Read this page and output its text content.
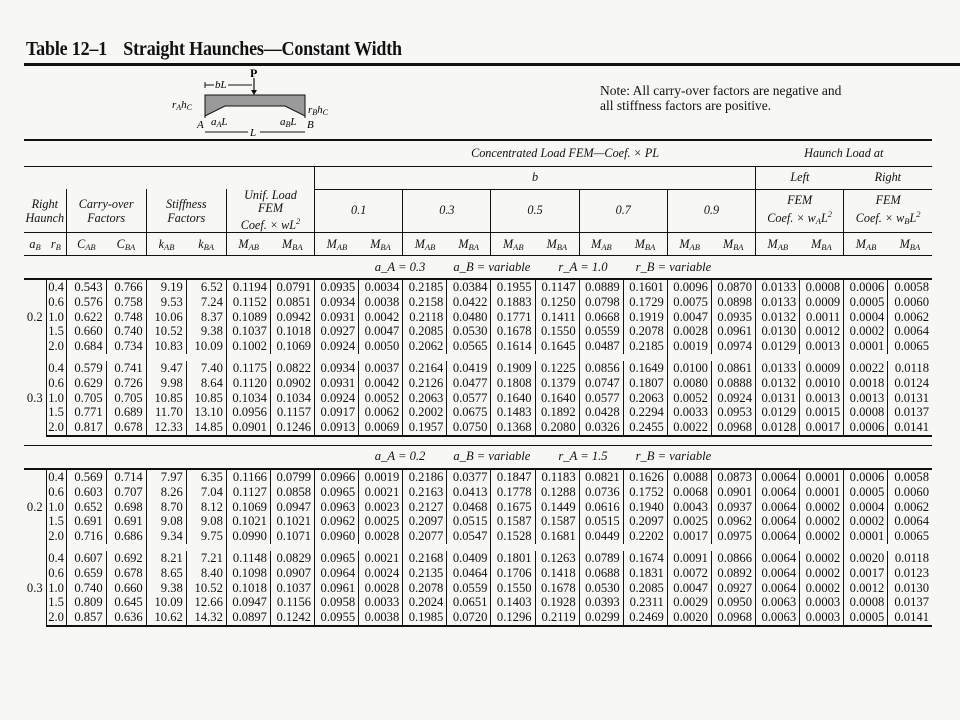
Table 12–1 Straight Haunches—Constant Width
P
bL
rAhC	rBhC
A	B
aAL	aBL
L
Note: All carry-over factors are negative and
all stiffness factors are positive.
								Concentrated Load FEM—Coef. × PL										Haunch Load at			
								b										Left		Right	
Right
Haunch		Carry-over
Factors		Stiffness
Factors		Unif. Load
FEM
Coef. × $wL^2$		0.1		0.3		0.5		0.7		0.9		FEM
Coef. × $w_AL^2$		FEM
Coef. × $w_BL^2$
$a_B$	$r_B$	$C_{AB}$	$C_{BA}$	$k_{AB}$	$k_{BA}$	$M_{AB}$	$M_{BA}$	$M_{AB}$	$M_{BA}$	$M_{AB}$	$M_{BA}$	$M_{AB}$	$M_{BA}$	$M_{AB}$	$M_{BA}$	$M_{AB}$	$M_{BA}$	$M_{AB}$	$M_{BA}$	$M_{AB}$	$M_{BA}$
a_A = 0.3 a_B = variable r_A = 1.0 r_B = variable																					
0.2	0.4	0.543	0.766	9.19	6.52	0.1194	0.0791	0.0935	0.0034	0.2185	0.0384	0.1955	0.1147	0.0889	0.1601	0.0096	0.0870	0.0133	0.0008	0.0006	0.0058
	0.6	0.576	0.758	9.53	7.24	0.1152	0.0851	0.0934	0.0038	0.2158	0.0422	0.1883	0.1250	0.0798	0.1729	0.0075	0.0898	0.0133	0.0009	0.0005	0.0060
	1.0	0.622	0.748	10.06	8.37	0.1089	0.0942	0.0931	0.0042	0.2118	0.0480	0.1771	0.1411	0.0668	0.1919	0.0047	0.0935	0.0132	0.0011	0.0004	0.0062
	1.5	0.660	0.740	10.52	9.38	0.1037	0.1018	0.0927	0.0047	0.2085	0.0530	0.1678	0.1550	0.0559	0.2078	0.0028	0.0961	0.0130	0.0012	0.0002	0.0064
	2.0	0.684	0.734	10.83	10.09	0.1002	0.1069	0.0924	0.0050	0.2062	0.0565	0.1614	0.1645	0.0487	0.2185	0.0019	0.0974	0.0129	0.0013	0.0001	0.0065

0.3	0.4	0.579	0.741	9.47	7.40	0.1175	0.0822	0.0934	0.0037	0.2164	0.0419	0.1909	0.1225	0.0856	0.1649	0.0100	0.0861	0.0133	0.0009	0.0022	0.0118
	0.6	0.629	0.726	9.98	8.64	0.1120	0.0902	0.0931	0.0042	0.2126	0.0477	0.1808	0.1379	0.0747	0.1807	0.0080	0.0888	0.0132	0.0010	0.0018	0.0124
	1.0	0.705	0.705	10.85	10.85	0.1034	0.1034	0.0924	0.0052	0.2063	0.0577	0.1640	0.1640	0.0577	0.2063	0.0052	0.0924	0.0131	0.0013	0.0013	0.0131
	1.5	0.771	0.689	11.70	13.10	0.0956	0.1157	0.0917	0.0062	0.2002	0.0675	0.1483	0.1892	0.0428	0.2294	0.0033	0.0953	0.0129	0.0015	0.0008	0.0137
	2.0	0.817	0.678	12.33	14.85	0.0901	0.1246	0.0913	0.0069	0.1957	0.0750	0.1368	0.2080	0.0326	0.2455	0.0022	0.0968	0.0128	0.0017	0.0006	0.0141

a_A = 0.2 a_B = variable r_A = 1.5 r_B = variable																					
0.2	0.4	0.569	0.714	7.97	6.35	0.1166	0.0799	0.0966	0.0019	0.2186	0.0377	0.1847	0.1183	0.0821	0.1626	0.0088	0.0873	0.0064	0.0001	0.0006	0.0058
	0.6	0.603	0.707	8.26	7.04	0.1127	0.0858	0.0965	0.0021	0.2163	0.0413	0.1778	0.1288	0.0736	0.1752	0.0068	0.0901	0.0064	0.0001	0.0005	0.0060
	1.0	0.652	0.698	8.70	8.12	0.1069	0.0947	0.0963	0.0023	0.2127	0.0468	0.1675	0.1449	0.0616	0.1940	0.0043	0.0937	0.0064	0.0002	0.0004	0.0062
	1.5	0.691	0.691	9.08	9.08	0.1021	0.1021	0.0962	0.0025	0.2097	0.0515	0.1587	0.1587	0.0515	0.2097	0.0025	0.0962	0.0064	0.0002	0.0002	0.0064
	2.0	0.716	0.686	9.34	9.75	0.0990	0.1071	0.0960	0.0028	0.2077	0.0547	0.1528	0.1681	0.0449	0.2202	0.0017	0.0975	0.0064	0.0002	0.0001	0.0065

0.3	0.4	0.607	0.692	8.21	7.21	0.1148	0.0829	0.0965	0.0021	0.2168	0.0409	0.1801	0.1263	0.0789	0.1674	0.0091	0.0866	0.0064	0.0002	0.0020	0.0118
	0.6	0.659	0.678	8.65	8.40	0.1098	0.0907	0.0964	0.0024	0.2135	0.0464	0.1706	0.1418	0.0688	0.1831	0.0072	0.0892	0.0064	0.0002	0.0017	0.0123
	1.0	0.740	0.660	9.38	10.52	0.1018	0.1037	0.0961	0.0028	0.2078	0.0559	0.1550	0.1678	0.0530	0.2085	0.0047	0.0927	0.0064	0.0002	0.0012	0.0130
	1.5	0.809	0.645	10.09	12.66	0.0947	0.1156	0.0958	0.0033	0.2024	0.0651	0.1403	0.1928	0.0393	0.2311	0.0029	0.0950	0.0063	0.0003	0.0008	0.0137
	2.0	0.857	0.636	10.62	14.32	0.0897	0.1242	0.0955	0.0038	0.1985	0.0720	0.1296	0.2119	0.0299	0.2469	0.0020	0.0968	0.0063	0.0003	0.0005	0.0141
